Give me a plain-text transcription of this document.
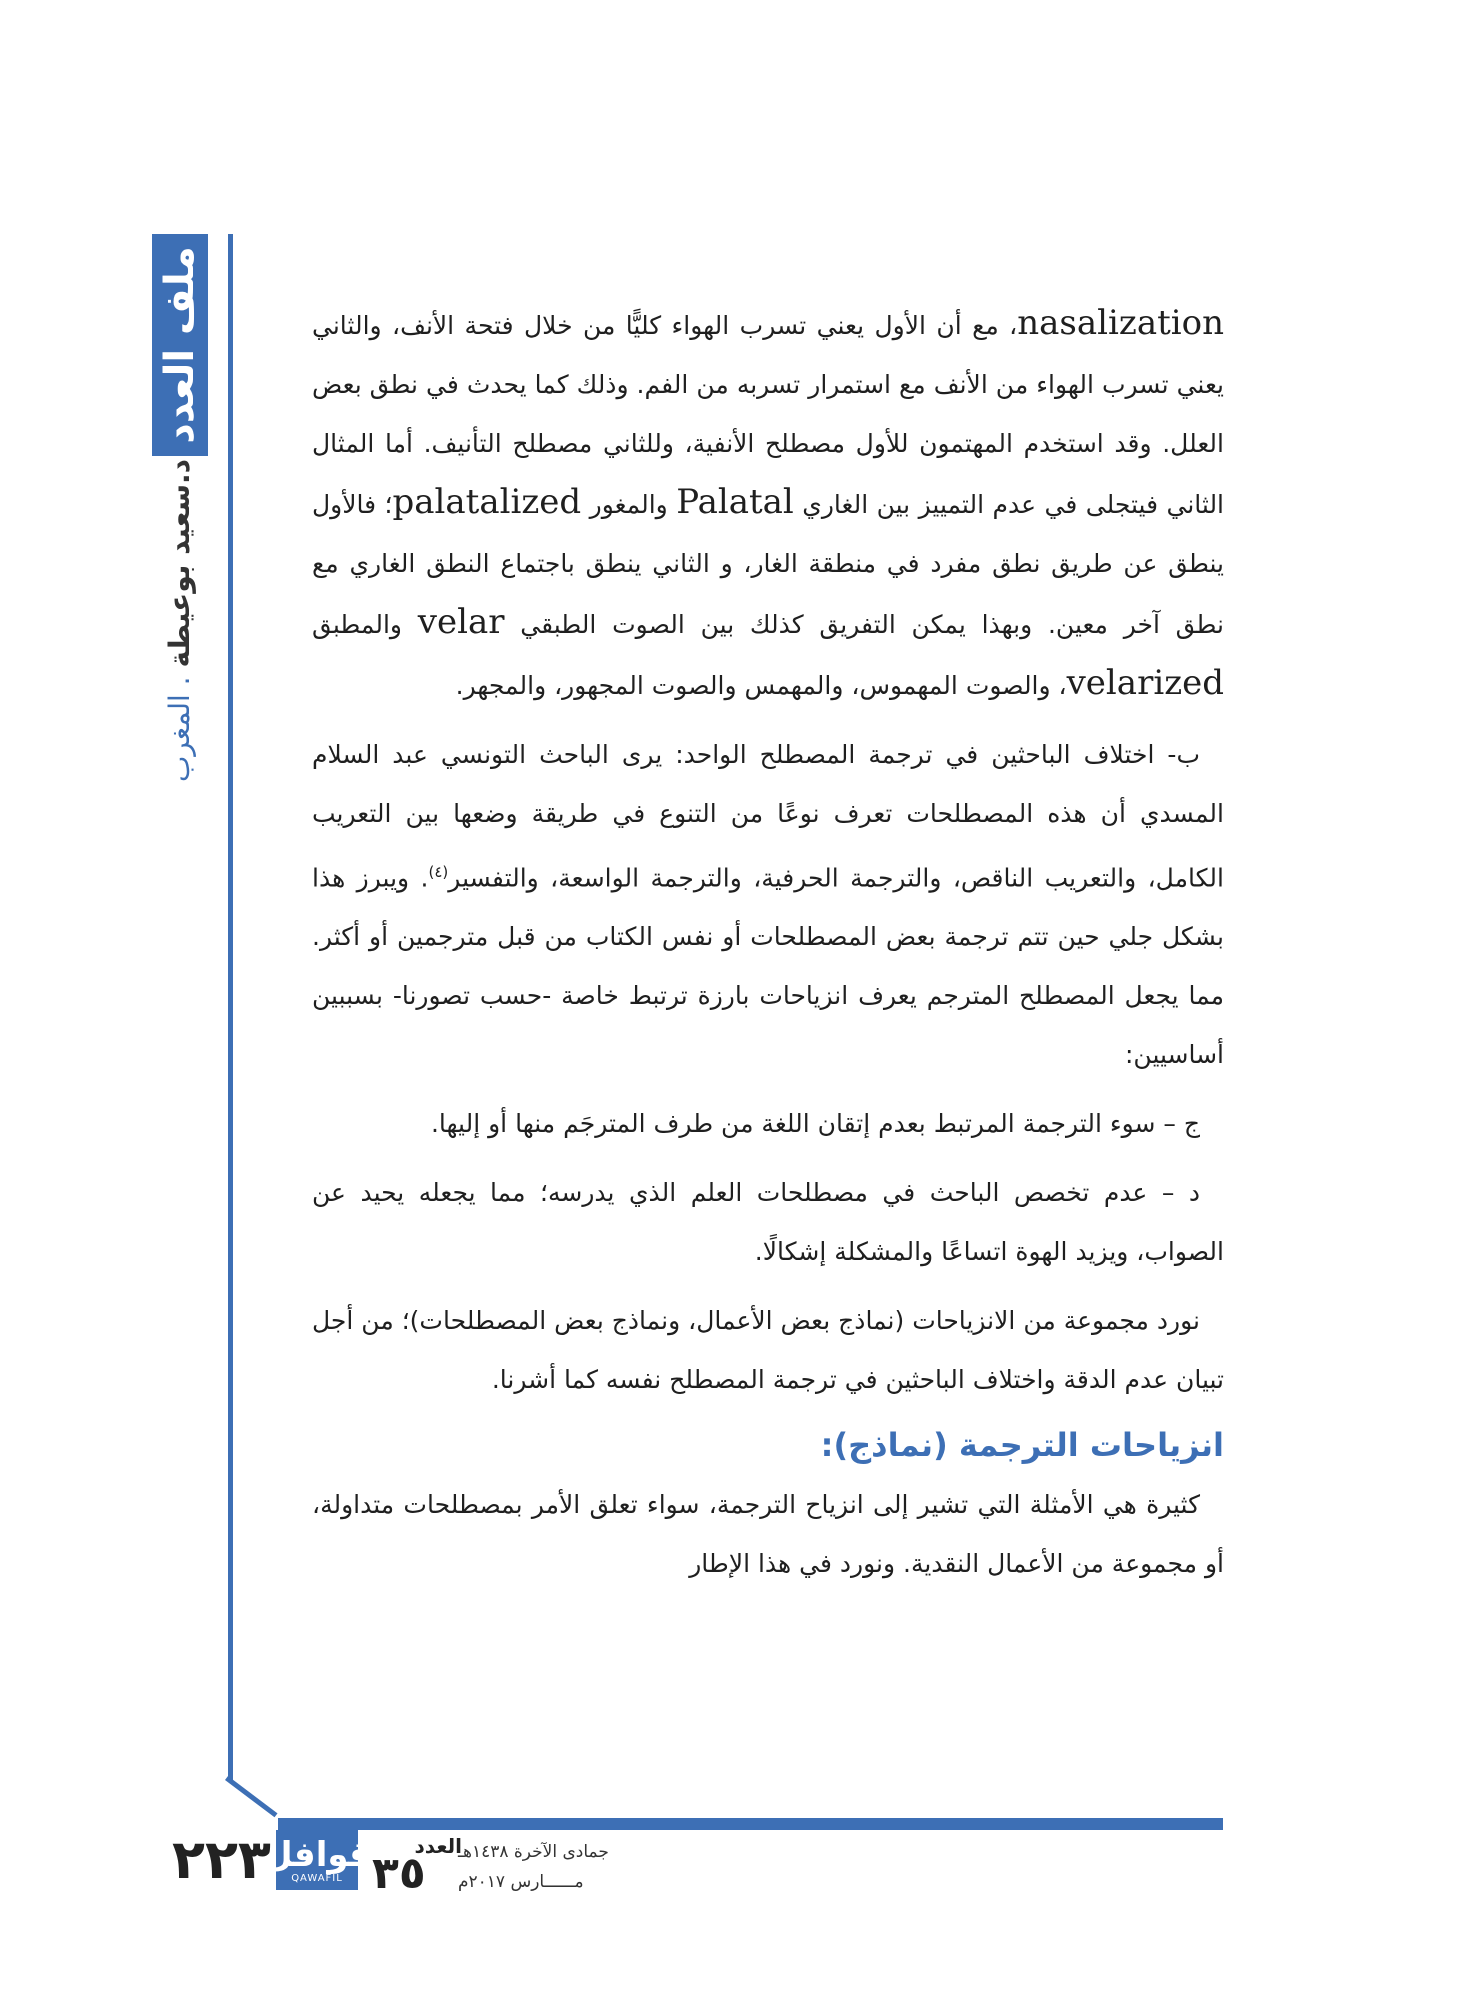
ملف العدد
د.سعيد بوعيطة . المغرب

nasalization، مع أن الأول يعني تسرب الهواء كليًّا من خلال فتحة الأنف، والثاني يعني تسرب الهواء من الأنف مع استمرار تسربه من الفم. وذلك كما يحدث في نطق بعض العلل. وقد استخدم المهتمون للأول مصطلح الأنفية، وللثاني مصطلح التأنيف. أما المثال الثاني فيتجلى في عدم التمييز بين الغاري Palatal والمغور palatalized؛ فالأول ينطق عن طريق نطق مفرد في منطقة الغار، و الثاني ينطق باجتماع النطق الغاري مع نطق آخر معين. وبهذا يمكن التفريق كذلك بين الصوت الطبقي velar والمطبق velarized، والصوت المهموس، والمهمس والصوت المجهور، والمجهر.

ب- اختلاف الباحثين في ترجمة المصطلح الواحد: يرى الباحث التونسي عبد السلام المسدي أن هذه المصطلحات تعرف نوعًا من التنوع في طريقة وضعها بين التعريب الكامل، والتعريب الناقص، والترجمة الحرفية، والترجمة الواسعة، والتفسير$^{(٤)}$. ويبرز هذا بشكل جلي حين تتم ترجمة بعض المصطلحات أو نفس الكتاب من قبل مترجمين أو أكثر. مما يجعل المصطلح المترجم يعرف انزياحات بارزة ترتبط خاصة -حسب تصورنا- بسببين أساسيين:

ج – سوء الترجمة المرتبط بعدم إتقان اللغة من طرف المترجَم منها أو إليها.

د – عدم تخصص الباحث في مصطلحات العلم الذي يدرسه؛ مما يجعله يحيد عن الصواب، ويزيد الهوة اتساعًا والمشكلة إشكالًا.

نورد مجموعة من الانزياحات (نماذج بعض الأعمال، ونماذج بعض المصطلحات)؛ من أجل تبيان عدم الدقة واختلاف الباحثين في ترجمة المصطلح نفسه كما أشرنا.

انزياحات الترجمة (نماذج):

كثيرة هي الأمثلة التي تشير إلى انزياح الترجمة، سواء تعلق الأمر بمصطلحات متداولة، أو مجموعة من الأعمال النقدية. ونورد في هذا الإطار

٢٢٣
قوافل
QAWAFIL
العدد
٣٥ جمادى الآخرة ١٤٣٨هـ
مــــــارس ٢٠١٧م
